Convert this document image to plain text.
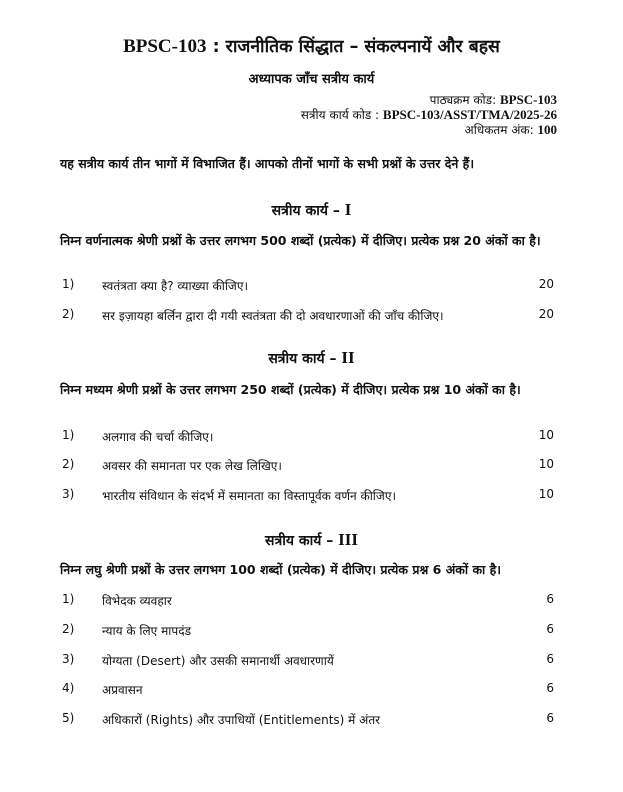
BPSC-103 : राजनीतिक सिंद्धात – संकल्पनायें और बहस
अध्यापक जाँच सत्रीय कार्य
पाठ्यक्रम कोड: BPSC-103
सत्रीय कार्य कोड : BPSC-103/ASST/TMA/2025-26
अधिकतम अंक: 100
यह सत्रीय कार्य तीन भागों में विभाजित हैं। आपको तीनों भागों के सभी प्रश्नों के उत्तर देने हैं।
सत्रीय कार्य – I
निम्न वर्णनात्मक श्रेणी प्रश्नों के उत्तर लगभग 500 शब्दों (प्रत्येक) में दीजिए। प्रत्येक प्रश्न 20 अंकों का है।
1) स्वतंत्रता क्या है? व्याख्या कीजिए।	20
2) सर इज़ायहा बर्लिन द्वारा दी गयी स्वतंत्रता की दो अवधारणाओं की जाँच कीजिए।	20
सत्रीय कार्य – II
निम्न मध्यम श्रेणी प्रश्नों के उत्तर लगभग 250 शब्दों (प्रत्येक) में दीजिए। प्रत्येक प्रश्न 10 अंकों का है।
1) अलगाव की चर्चा कीजिए।	10
2) अवसर की समानता पर एक लेख लिखिए।	10
3) भारतीय संविधान के संदर्भ में समानता का विस्तापूर्वक वर्णन कीजिए।	10
सत्रीय कार्य – III
निम्न लघु श्रेणी प्रश्नों के उत्तर लगभग 100 शब्दों (प्रत्येक) में दीजिए। प्रत्येक प्रश्न 6 अंकों का है।
1) विभेदक व्यवहार	6
2) न्याय के लिए मापदंड	6
3) योग्यता (Desert) और उसकी समानार्थी अवधारणायें	6
4) अप्रवासन	6
5) अधिकारों (Rights) और उपाधियों (Entitlements) में अंतर	6
